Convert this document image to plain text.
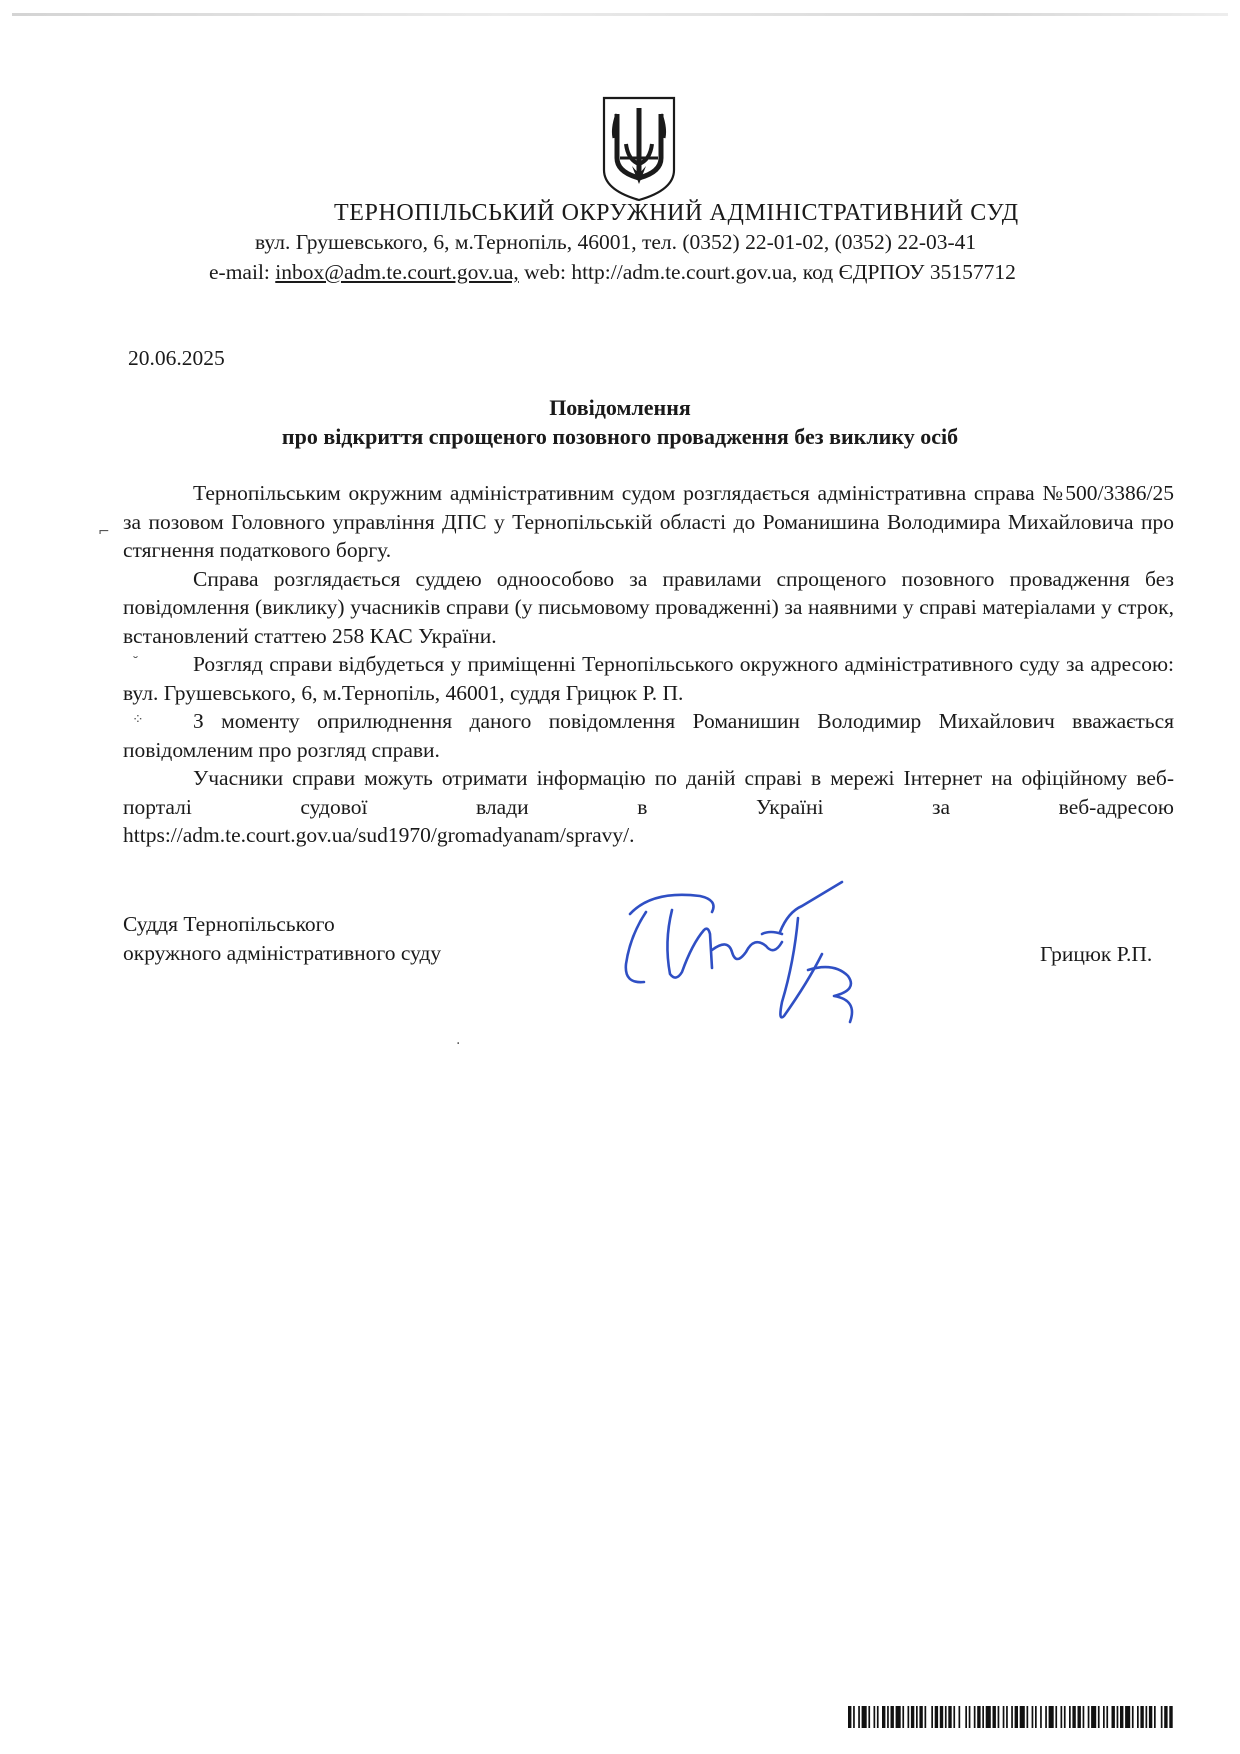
ТЕРНОПІЛЬСЬКИЙ ОКРУЖНИЙ АДМІНІСТРАТИВНИЙ СУД
вул. Грушевського, 6, м.Тернопіль, 46001, тел. (0352) 22-01-02, (0352) 22-03-41
e-mail: inbox@adm.te.court.gov.ua, web: http://adm.te.court.gov.ua, код ЄДРПОУ 35157712
20.06.2025
Повідомлення
про відкриття спрощеного позовного провадження без виклику осіб

Тернопільським окружним адміністративним судом розглядається адміністративна справа №500/3386/25 за позовом Головного управління ДПС у Тернопільській області до Романишина Володимира Михайловича про стягнення податкового боргу.

Справа розглядається суддею одноособово за правилами спрощеного позовного провадження без повідомлення (виклику) учасників справи (у письмовому провадженні) за наявними у справі матеріалами у строк, встановлений статтею 258 КАС України.

Розгляд справи відбудеться у приміщенні Тернопільського окружного адміністративного суду за адресою: вул. Грушевського, 6, м.Тернопіль, 46001, суддя Грицюк Р. П.

З моменту оприлюднення даного повідомлення Романишин Володимир Михайлович вважається повідомленим про розгляд справи.

Учасники справи можуть отримати інформацію по даній справі в мережі Інтернет на офіційному веб-порталі судової влади в Україні за веб-адресою

https://adm.te.court.gov.ua/sud1970/gromadyanam/spravy/.

⌐
˘
⁘
Суддя Тернопільського
окружного адміністративного суду	Грицюк Р.П.
·
